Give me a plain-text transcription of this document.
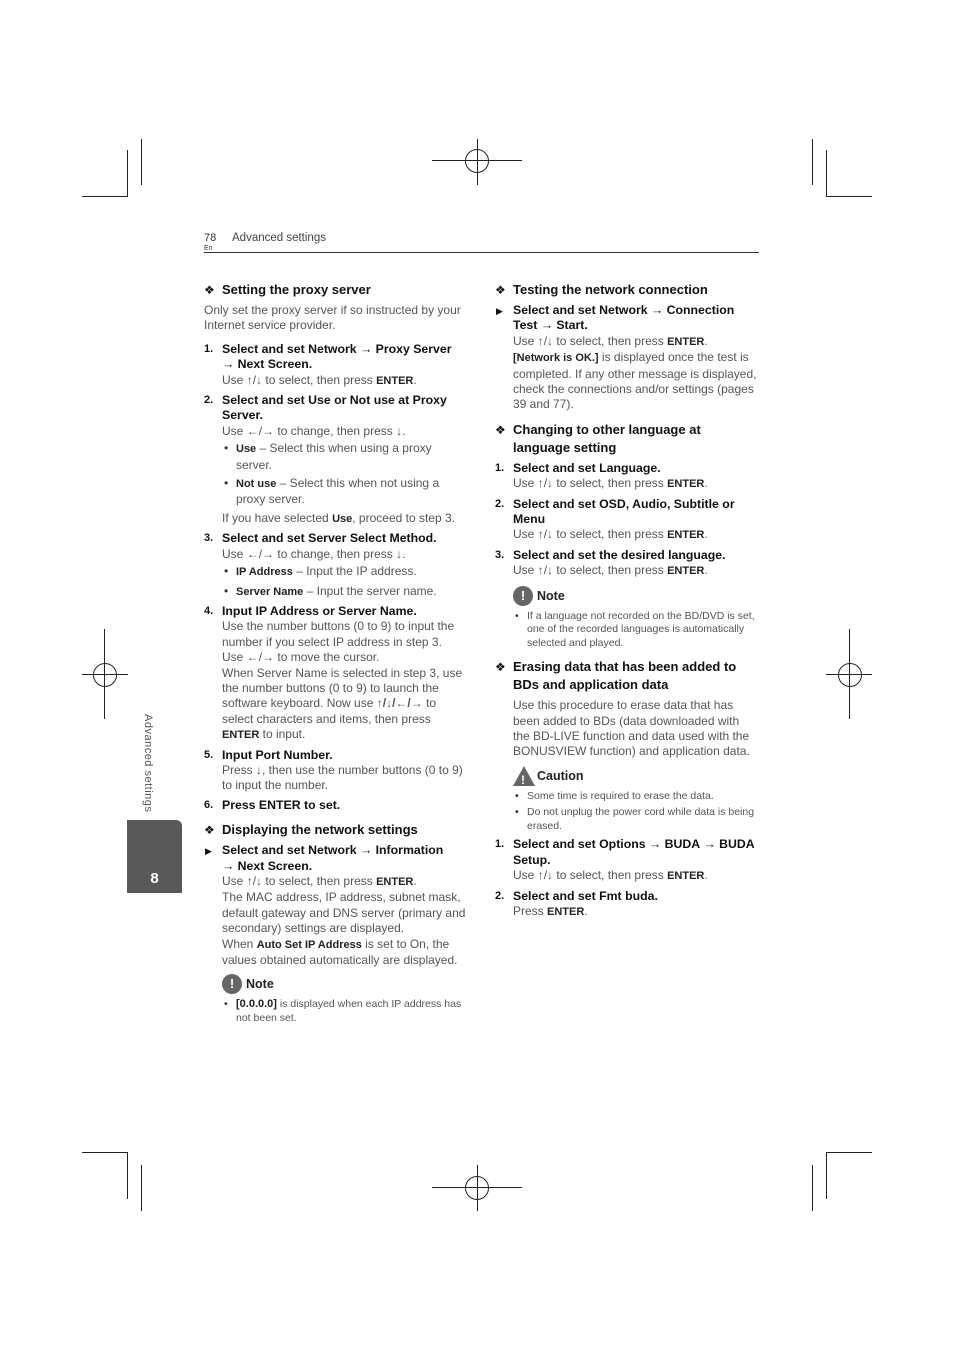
78
En
Advanced settings
Advanced settings
8
❖ Setting the proxy server
Only set the proxy server if so instructed by your Internet service provider.
1. Select and set Network → Proxy Server
→ Next Screen.
Use ↑/↓ to select, then press ENTER.
2. Select and set Use or Not use at Proxy Server.
Use ←/→ to change, then press ↓.
• Use – Select this when using a proxy server.
• Not use – Select this when not using a proxy server.
If you have selected Use, proceed to step 3.
3. Select and set Server Select Method.
Use ←/→ to change, then press ↓.
• IP Address – Input the IP address.
• Server Name – Input the server name.
4. Input IP Address or Server Name.
Use the number buttons (0 to 9) to input the number if you select IP address in step 3.
Use ←/→ to move the cursor.
When Server Name is selected in step 3, use the number buttons (0 to 9) to launch the software keyboard. Now use ↑/↓/←/→ to select characters and items, then press ENTER to input.
5. Input Port Number.
Press ↓, then use the number buttons (0 to 9) to input the number.
6. Press ENTER to set.
❖ Displaying the network settings
▶ Select and set Network → Information
→ Next Screen.
Use ↑/↓ to select, then press ENTER.
The MAC address, IP address, subnet mask, default gateway and DNS server (primary and secondary) settings are displayed.
When Auto Set IP Address is set to On, the values obtained automatically are displayed.
! Note
• [0.0.0.0] is displayed when each IP address has not been set.
❖ Testing the network connection
▶ Select and set Network → Connection Test → Start.
Use ↑/↓ to select, then press ENTER.
[Network is OK.] is displayed once the test is completed. If any other message is displayed, check the connections and/or settings (pages 39 and 77).
❖ Changing to other language at language setting
1. Select and set Language.
Use ↑/↓ to select, then press ENTER.
2. Select and set OSD, Audio, Subtitle or Menu
Use ↑/↓ to select, then press ENTER.
3. Select and set the desired language.
Use ↑/↓ to select, then press ENTER.
! Note
• If a language not recorded on the BD/DVD is set, one of the recorded languages is automatically selected and played.
❖ Erasing data that has been added to BDs and application data
Use this procedure to erase data that has been added to BDs (data downloaded with the BD-LIVE function and data used with the BONUSVIEW function) and application data.
! Caution
• Some time is required to erase the data.
• Do not unplug the power cord while data is being erased.
1. Select and set Options → BUDA → BUDA Setup.
Use ↑/↓ to select, then press ENTER.
2. Select and set Fmt buda.
Press ENTER.
